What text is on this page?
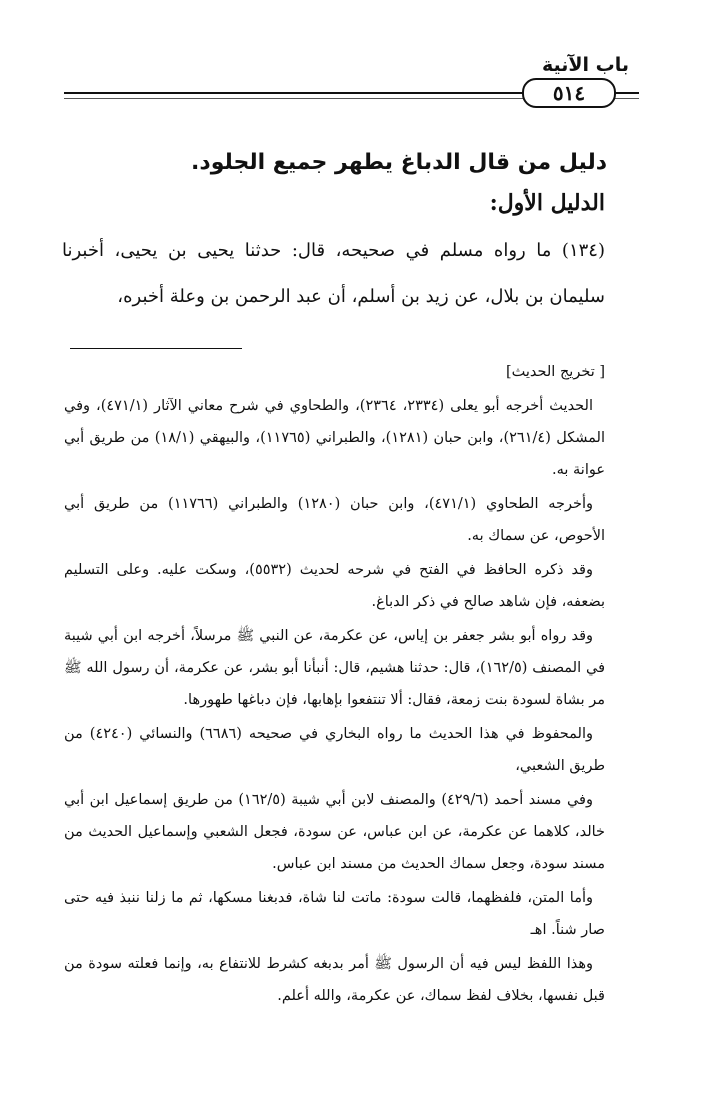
باب الآنية
٥١٤
دليل من قال الدباغ يطهر جميع الجلود.
الدليل الأول:

(١٣٤) ما رواه مسلم في صحيحه، قال: حدثنا يحيى بن يحيى، أخبرنا سليمان بن بلال، عن زيد بن أسلم، أن عبد الرحمن بن وعلة أخبره،

[ تخريج الحديث]

الحديث أخرجه أبو يعلى (٢٣٣٤، ٢٣٦٤)، والطحاوي في شرح معاني الآثار (٤٧١/١)، وفي المشكل (٢٦١/٤)، وابن حبان (١٢٨١)، والطبراني (١١٧٦٥)، والبيهقي (١٨/١) من طريق أبي عوانة به.

وأخرجه الطحاوي (٤٧١/١)، وابن حبان (١٢٨٠) والطبراني (١١٧٦٦) من طريق أبي الأحوص، عن سماك به.

وقد ذكره الحافظ في الفتح في شرحه لحديث (٥٥٣٢)، وسكت عليه. وعلى التسليم بضعفه، فإن شاهد صالح في ذكر الدباغ.

وقد رواه أبو بشر جعفر بن إياس، عن عكرمة، عن النبي ﷺ مرسلاً، أخرجه ابن أبي شيبة في المصنف (١٦٢/٥)، قال: حدثنا هشيم، قال: أنبأنا أبو بشر، عن عكرمة، أن رسول الله ﷺ مر بشاة لسودة بنت زمعة، فقال: ألا تنتفعوا بإهابها، فإن دباغها طهورها.

والمحفوظ في هذا الحديث ما رواه البخاري في صحيحه (٦٦٨٦) والنسائي (٤٢٤٠) من طريق الشعبي،

وفي مسند أحمد (٤٢٩/٦) والمصنف لابن أبي شيبة (١٦٢/٥) من طريق إسماعيل ابن أبي خالد، كلاهما عن عكرمة، عن ابن عباس، عن سودة، فجعل الشعبي وإسماعيل الحديث من مسند سودة، وجعل سماك الحديث من مسند ابن عباس.

وأما المتن، فلفظهما، قالت سودة: ماتت لنا شاة، فدبغنا مسكها، ثم ما زلنا ننبذ فيه حتى صار شناً. اهـ

وهذا اللفظ ليس فيه أن الرسول ﷺ أمر بدبغه كشرط للانتفاع به، وإنما فعلته سودة من قبل نفسها، بخلاف لفظ سماك، عن عكرمة، والله أعلم.
